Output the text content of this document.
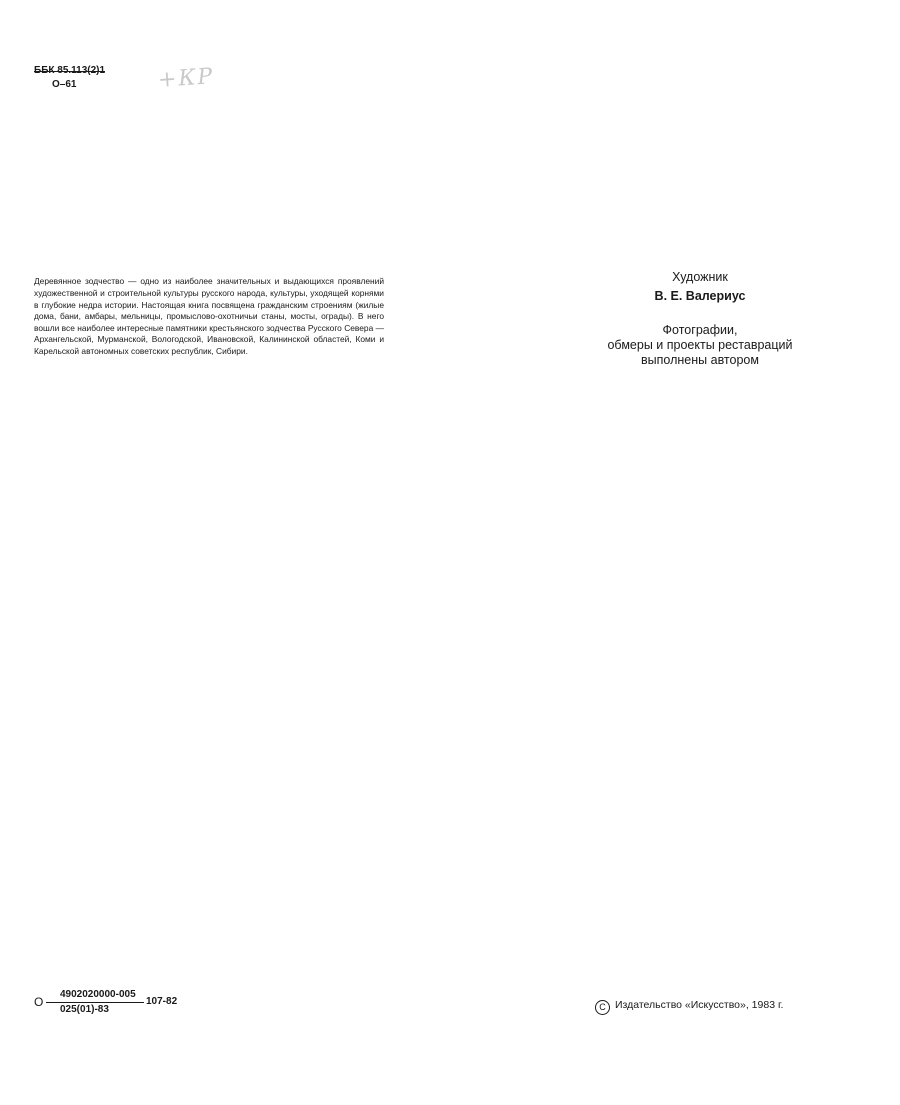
ББК 85.113(2)1
О–61	+КР

Деревянное зодчество — одно из наиболее значительных и выдающихся проявлений художественной и строительной культуры русского народа, культуры, уходящей корнями в глубокие недра истории. Настоящая книга посвящена гражданским строениям (жилые дома, бани, амбары, мельницы, промыслово-охотничьи станы, мосты, ограды). В него вошли все наиболее интересные памятники крестьянского зодчества Русского Севера — Архангельской, Мурманской, Вологодской, Ивановской, Калининской областей, Коми и Карельской автономных советских республик, Сибири.

Художник
В. Е. Валериус
Фотографии,
обмеры и проекты реставраций
выполнены автором
О $\frac{4902020000-005}{025(01)-83} 107-82$	C Издательство «Искусство», 1983 г.
